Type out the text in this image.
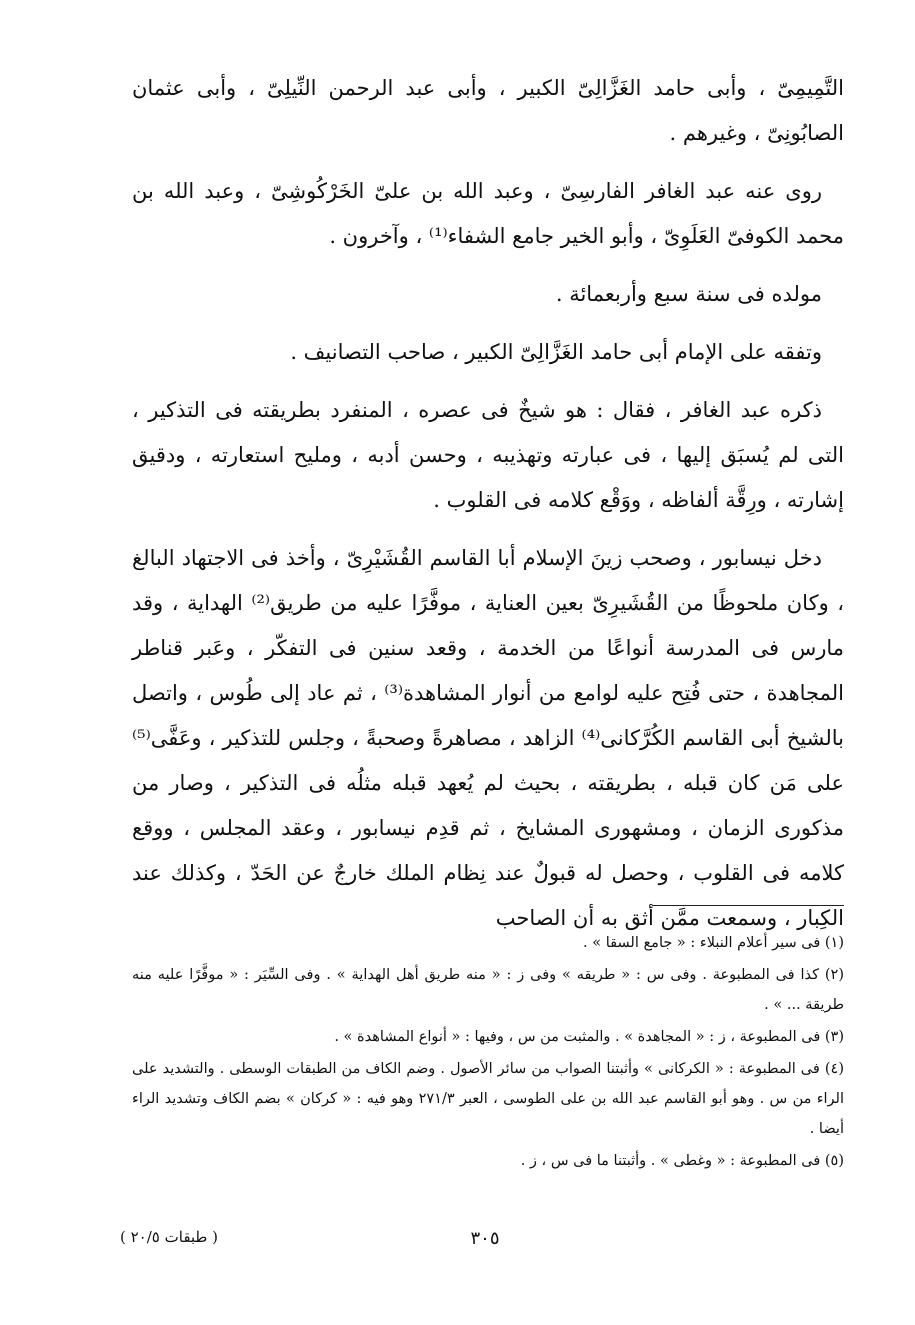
التَّمِيمِىّ ، وأبى حامد الغَزَّالِىّ الكبير ، وأبى عبد الرحمن النِّيلِىّ ، وأبى عثمان الصابُونِىّ ، وغيرهم .

روى عنه عبد الغافر الفارسِىّ ، وعبد الله بن علىّ الخَرْكُوشِىّ ، وعبد الله بن محمد الكوفىّ العَلَوِىّ ، وأبو الخير جامع الشفاء⁽¹⁾ ، وآخرون .

مولده فى سنة سبع وأربعمائة .

وتفقه على الإمام أبى حامد الغَزَّالِىّ الكبير ، صاحب التصانيف .

ذكره عبد الغافر ، فقال : هو شيخٌ فى عصره ، المنفرد بطريقته فى التذكير ، التى لم يُسبَق إليها ، فى عبارته وتهذيبه ، وحسن أدبه ، ومليح استعارته ، ودقيق إشارته ، ورِقَّة ألفاظه ، ووَقْع كلامه فى القلوب .

دخل نيسابور ، وصحب زينَ الإسلام أبا القاسم القُشَيْرِىّ ، وأخذ فى الاجتهاد البالغ ، وكان ملحوظًا من القُشَيرِىّ بعين العناية ، موفَّرًا عليه من طريق⁽²⁾ الهداية ، وقد مارس فى المدرسة أنواعًا من الخدمة ، وقعد سنين فى التفكّر ، وعَبر قناطر المجاهدة ، حتى فُتِح عليه لوامع من أنوار المشاهدة⁽³⁾ ، ثم عاد إلى طُوس ، واتصل بالشيخ أبى القاسم الكُرَّكانى⁽⁴⁾ الزاهد ، مصاهرةً وصحبةً ، وجلس للتذكير ، وعَفَّى⁽⁵⁾ على مَن كان قبله ، بطريقته ، بحيث لم يُعهد قبله مثلُه فى التذكير ، وصار من مذكورى الزمان ، ومشهورى المشايخ ، ثم قدِم نيسابور ، وعقد المجلس ، ووقع كلامه فى القلوب ، وحصل له قبولٌ عند نِظام الملك خارجٌ عن الحَدّ ، وكذلك عند الكِبار ، وسمعت ممَّن أثق به أن الصاحب

(١) فى سير أعلام النبلاء : « جامع السقا » .

(٢) كذا فى المطبوعة . وفى س : « طريقه » وفى ز : « منه طريق أهل الهداية » . وفى السِّيَر : « موفَّرًا عليه منه طريقة ... » .

(٣) فى المطبوعة ، ز : « المجاهدة » . والمثبت من س ، وفيها : « أنواع المشاهدة » .

(٤) فى المطبوعة : « الكركانى » وأثبتنا الصواب من سائر الأصول . وضم الكاف من الطبقات الوسطى . والتشديد على الراء من س . وهو أبو القاسم عبد الله بن على الطوسى ، العبر ٢٧١/٣ وهو فيه : « كركان » بضم الكاف وتشديد الراء أيضا .

(٥) فى المطبوعة : « وغطى » . وأثبتنا ما فى س ، ز .

٣٠٥
( طبقات ٢٠/٥ )
